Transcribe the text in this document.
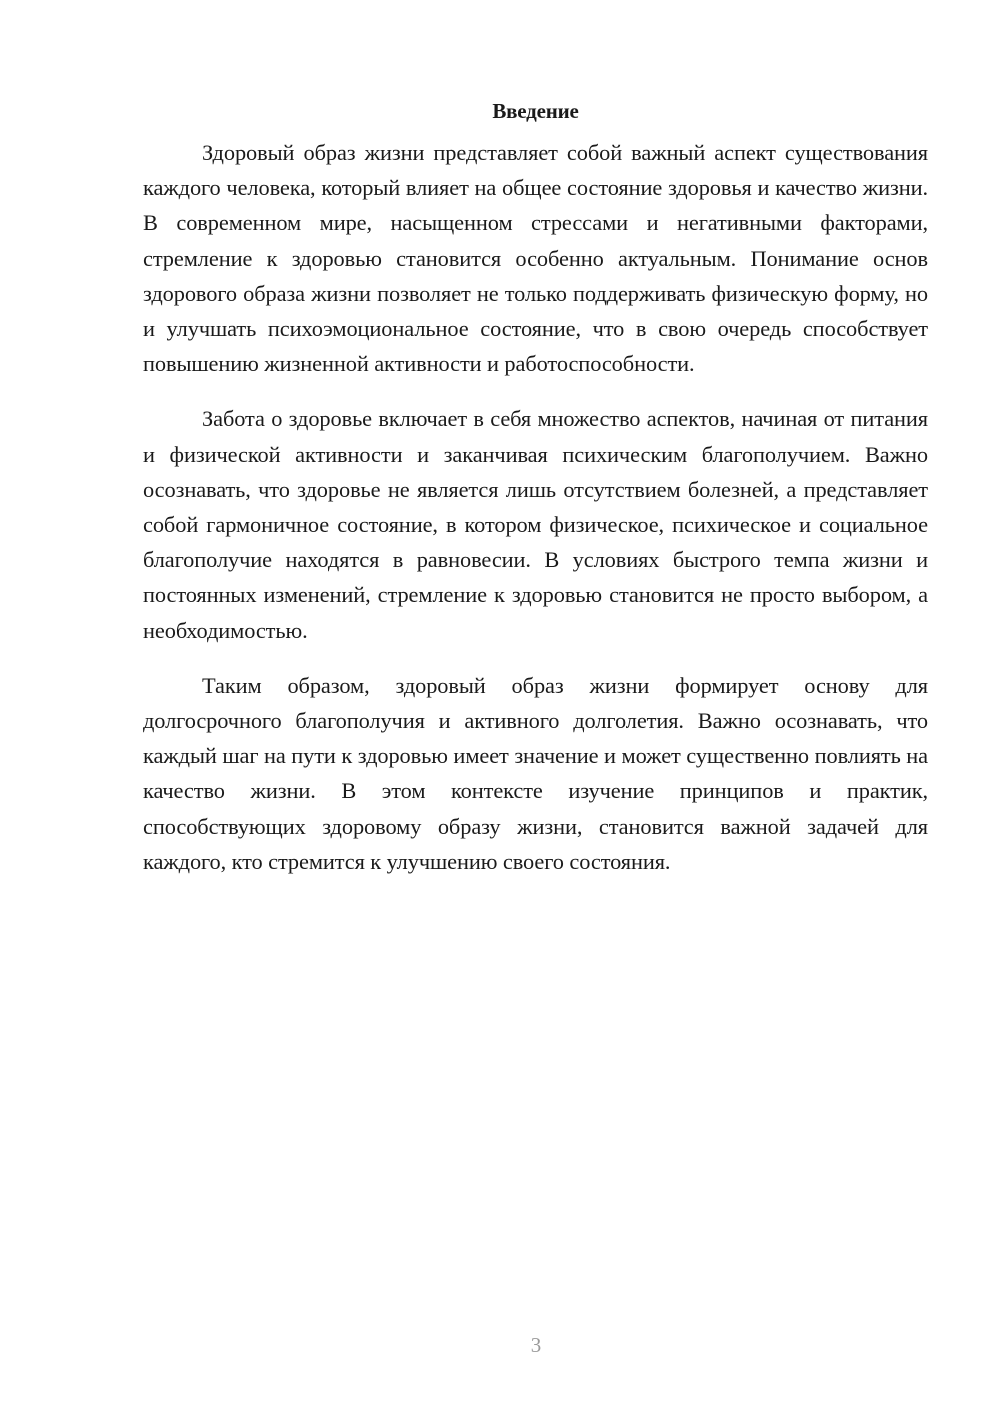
Введение

Здоровый образ жизни представляет собой важный аспект существования каждого человека, который влияет на общее состояние здоровья и качество жизни. В современном мире, насыщенном стрессами и негативными факторами, стремление к здоровью становится особенно актуальным. Понимание основ здорового образа жизни позволяет не только поддерживать физическую форму, но и улучшать психоэмоциональное состояние, что в свою очередь способствует повышению жизненной активности и работоспособности.

Забота о здоровье включает в себя множество аспектов, начиная от питания и физической активности и заканчивая психическим благополучием. Важно осознавать, что здоровье не является лишь отсутствием болезней, а представляет собой гармоничное состояние, в котором физическое, психическое и социальное благополучие находятся в равновесии. В условиях быстрого темпа жизни и постоянных изменений, стремление к здоровью становится не просто выбором, а необходимостью.

Таким образом, здоровый образ жизни формирует основу для долгосрочного благополучия и активного долголетия. Важно осознавать, что каждый шаг на пути к здоровью имеет значение и может существенно повлиять на качество жизни. В этом контексте изучение принципов и практик, способствующих здоровому образу жизни, становится важной задачей для каждого, кто стремится к улучшению своего состояния.

3
